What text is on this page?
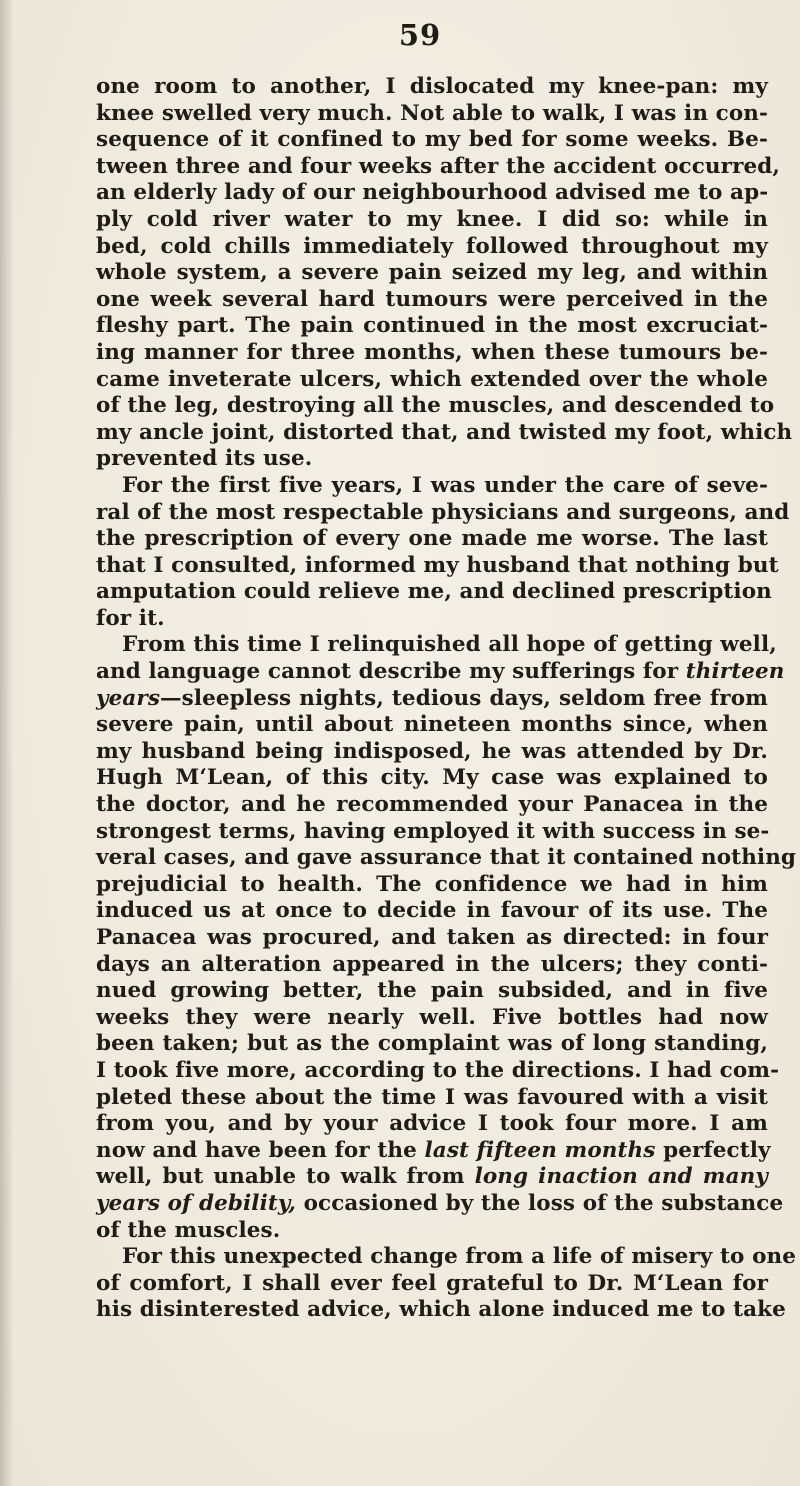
59
one room to another, I dislocated my knee-pan: my
knee swelled very much. Not able to walk, I was in con-
sequence of it confined to my bed for some weeks. Be-
tween three and four weeks after the accident occurred,
an elderly lady of our neighbourhood advised me to ap-
ply cold river water to my knee. I did so: while in
bed, cold chills immediately followed throughout my
whole system, a severe pain seized my leg, and within
one week several hard tumours were perceived in the
fleshy part. The pain continued in the most excruciat-
ing manner for three months, when these tumours be-
came inveterate ulcers, which extended over the whole
of the leg, destroying all the muscles, and descended to
my ancle joint, distorted that, and twisted my foot, which
prevented its use.
For the first five years, I was under the care of seve-
ral of the most respectable physicians and surgeons, and
the prescription of every one made me worse. The last
that I consulted, informed my husband that nothing but
amputation could relieve me, and declined prescription
for it.
From this time I relinquished all hope of getting well,
and language cannot describe my sufferings for thirteen
years—sleepless nights, tedious days, seldom free from
severe pain, until about nineteen months since, when
my husband being indisposed, he was attended by Dr.
Hugh M‘Lean, of this city. My case was explained to
the doctor, and he recommended your Panacea in the
strongest terms, having employed it with success in se-
veral cases, and gave assurance that it contained nothing
prejudicial to health. The confidence we had in him
induced us at once to decide in favour of its use. The
Panacea was procured, and taken as directed: in four
days an alteration appeared in the ulcers; they conti-
nued growing better, the pain subsided, and in five
weeks they were nearly well. Five bottles had now
been taken; but as the complaint was of long standing,
I took five more, according to the directions. I had com-
pleted these about the time I was favoured with a visit
from you, and by your advice I took four more. I am
now and have been for the last fifteen months perfectly
well, but unable to walk from long inaction and many
years of debility, occasioned by the loss of the substance
of the muscles.
For this unexpected change from a life of misery to one
of comfort, I shall ever feel grateful to Dr. M‘Lean for
his disinterested advice, which alone induced me to take
